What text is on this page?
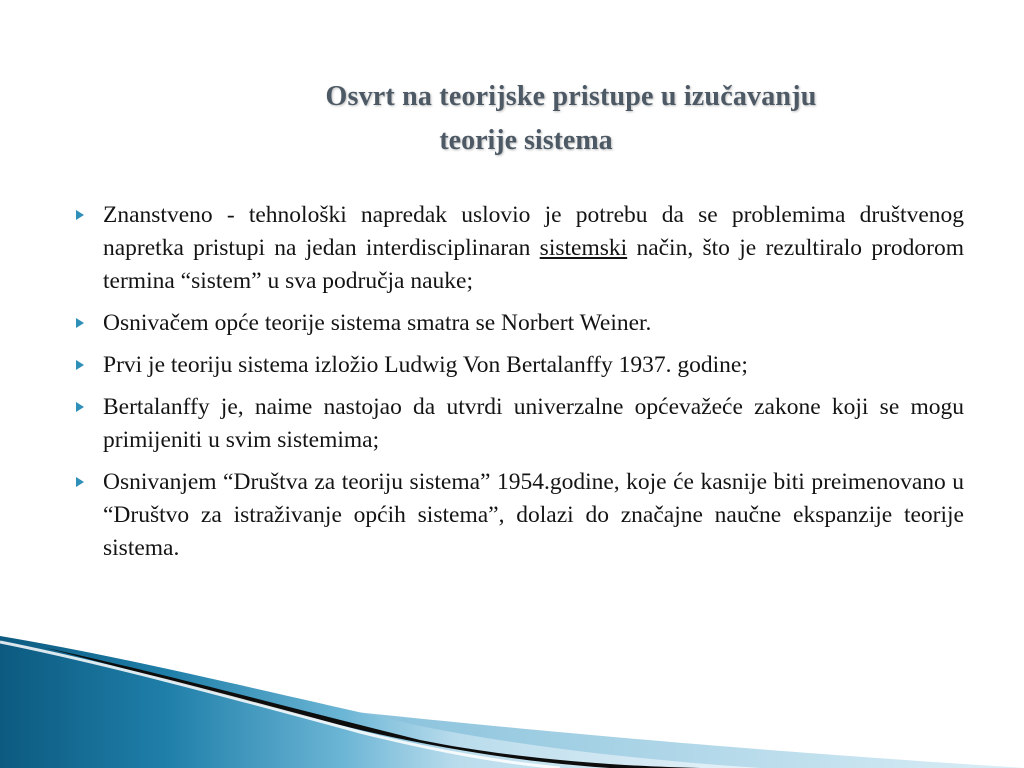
Osvrt na teorijske pristupe u izučavanju
teorije sistema
Znanstveno - tehnološki napredak uslovio je potrebu da se problemima društvenog napretka pristupi na jedan interdisciplinaran sistemski način, što je rezultiralo prodorom termina “sistem” u sva područja nauke;
Osnivačem opće teorije sistema smatra se Norbert Weiner.
Prvi je teoriju sistema izložio Ludwig Von Bertalanffy 1937. godine;
Bertalanffy je, naime nastojao da utvrdi univerzalne općevažeće zakone koji se mogu primijeniti u svim sistemima;
Osnivanjem “Društva za teoriju sistema” 1954.godine, koje će kasnije biti preimenovano u “Društvo za istraživanje općih sistema”, dolazi do značajne naučne ekspanzije teorije sistema.
